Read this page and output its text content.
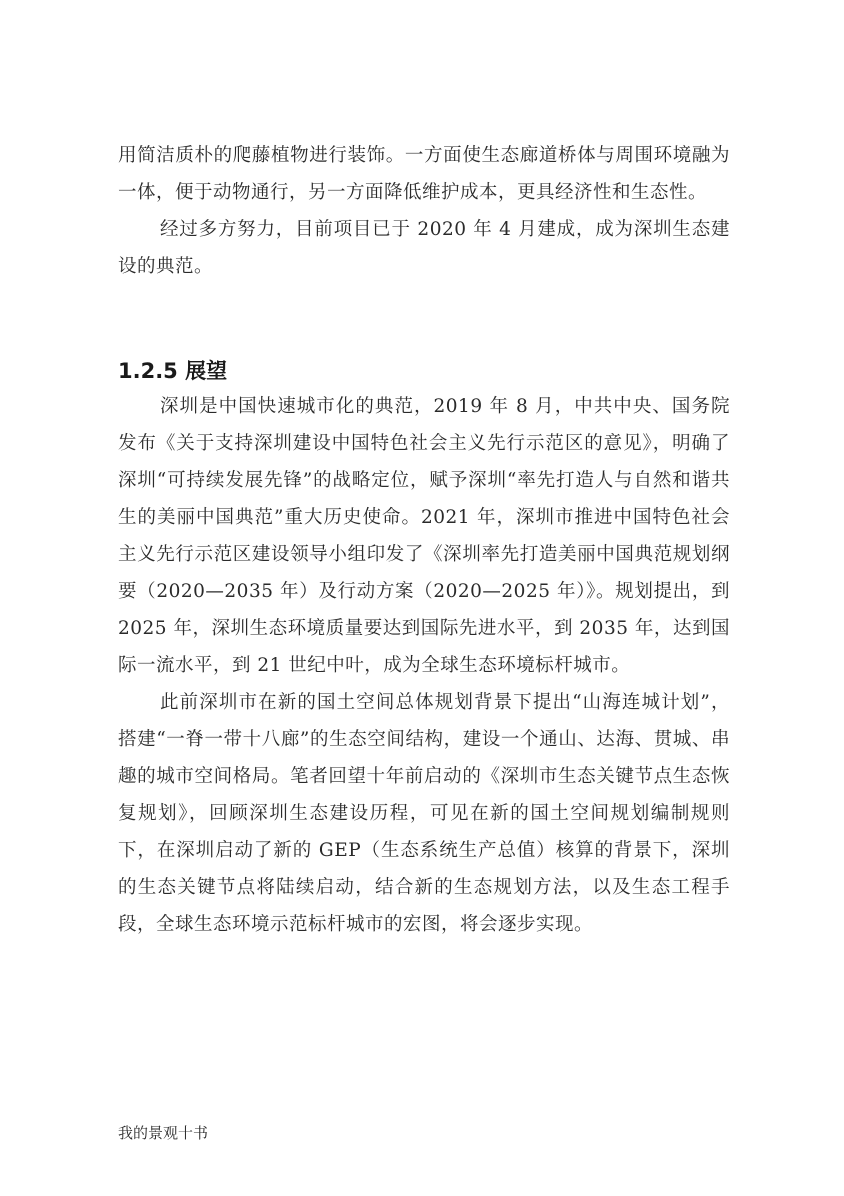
用简洁质朴的爬藤植物进行装饰。一方面使生态廊道桥体与周围环境融为一体，便于动物通行，另一方面降低维护成本，更具经济性和生态性。

经过多方努力，目前项目已于 2020 年 4 月建成，成为深圳生态建设的典范。

1.2.5 展望

深圳是中国快速城市化的典范，2019 年 8 月，中共中央、国务院发布《关于支持深圳建设中国特色社会主义先行示范区的意见》，明确了深圳“可持续发展先锋”的战略定位，赋予深圳“率先打造人与自然和谐共生的美丽中国典范”重大历史使命。2021 年，深圳市推进中国特色社会主义先行示范区建设领导小组印发了《深圳率先打造美丽中国典范规划纲要（2020—2035 年）及行动方案（2020—2025 年）》。规划提出，到 2025 年，深圳生态环境质量要达到国际先进水平，到 2035 年，达到国际一流水平，到 21 世纪中叶，成为全球生态环境标杆城市。

此前深圳市在新的国土空间总体规划背景下提出“山海连城计划”，搭建“一脊一带十八廊”的生态空间结构，建设一个通山、达海、贯城、串趣的城市空间格局。笔者回望十年前启动的《深圳市生态关键节点生态恢复规划》，回顾深圳生态建设历程，可见在新的国土空间规划编制规则下，在深圳启动了新的 GEP（生态系统生产总值）核算的背景下，深圳的生态关键节点将陆续启动，结合新的生态规划方法，以及生态工程手段，全球生态环境示范标杆城市的宏图，将会逐步实现。

我的景观十书
